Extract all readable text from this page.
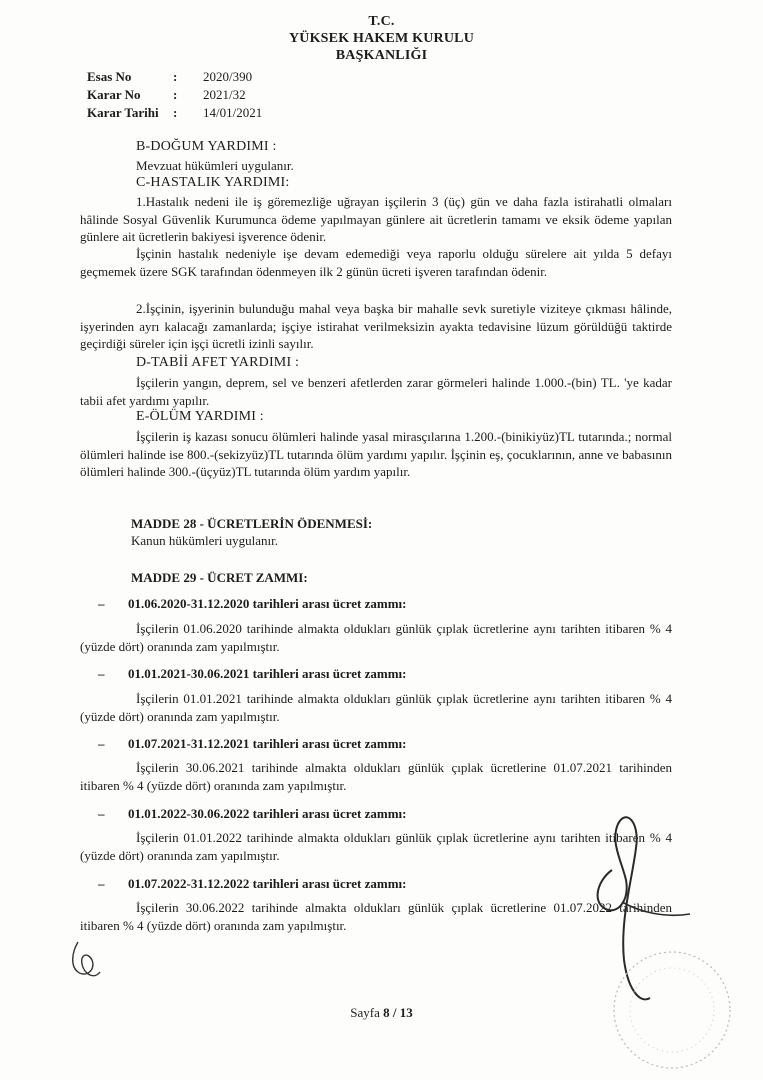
T.C.
YÜKSEK HAKEM KURULU
BAŞKANLIĞI
Esas No	: 2020/390
Karar No : 2021/32
Karar Tarihi : 14/01/2021
B-DOĞUM YARDIMI :
Mevzuat hükümleri uygulanır.
C-HASTALIK YARDIMI:
1.Hastalık nedeni ile iş göremezliğe uğrayan işçilerin 3 (üç) gün ve daha fazla istirahatli olmaları hâlinde Sosyal Güvenlik Kurumunca ödeme yapılmayan günlere ait ücretlerin tamamı ve eksik ödeme yapılan günlere ait ücretlerin bakiyesi işverence ödenir.
İşçinin hastalık nedeniyle işe devam edemediği veya raporlu olduğu sürelere ait yılda 5 defayı geçmemek üzere SGK tarafından ödenmeyen ilk 2 günün ücreti işveren tarafından ödenir.
2.İşçinin, işyerinin bulunduğu mahal veya başka bir mahalle sevk suretiyle viziteye çıkması hâlinde, işyerinden ayrı kalacağı zamanlarda; işçiye istirahat verilmeksizin ayakta tedavisine lüzum görüldüğü taktirde geçirdiği süreler için işçi ücretli izinli sayılır.
D-TABİİ AFET YARDIMI :
İşçilerin yangın, deprem, sel ve benzeri afetlerden zarar görmeleri halinde 1.000.-(bin) TL. 'ye kadar tabii afet yardımı yapılır.
E-ÖLÜM YARDIMI :
İşçilerin iş kazası sonucu ölümleri halinde yasal mirasçılarına 1.200.-(binikiyüz)TL tutarında.; normal ölümleri halinde ise 800.-(sekizyüz)TL tutarında ölüm yardımı yapılır. İşçinin eş, çocuklarının, anne ve babasının ölümleri halinde 300.-(üçyüz)TL tutarında ölüm yardım yapılır.
MADDE 28 - ÜCRETLERİN ÖDENMESİ:
Kanun hükümleri uygulanır.
MADDE 29 - ÜCRET ZAMMI:
– 01.06.2020-31.12.2020 tarihleri arası ücret zammı:
İşçilerin 01.06.2020 tarihinde almakta oldukları günlük çıplak ücretlerine aynı tarihten itibaren % 4 (yüzde dört) oranında zam yapılmıştır.
– 01.01.2021-30.06.2021 tarihleri arası ücret zammı:
İşçilerin 01.01.2021 tarihinde almakta oldukları günlük çıplak ücretlerine aynı tarihten itibaren % 4 (yüzde dört) oranında zam yapılmıştır.
– 01.07.2021-31.12.2021 tarihleri arası ücret zammı:
İşçilerin 30.06.2021 tarihinde almakta oldukları günlük çıplak ücretlerine 01.07.2021 tarihinden itibaren % 4 (yüzde dört) oranında zam yapılmıştır.
– 01.01.2022-30.06.2022 tarihleri arası ücret zammı:
İşçilerin 01.01.2022 tarihinde almakta oldukları günlük çıplak ücretlerine aynı tarihten itibaren % 4 (yüzde dört) oranında zam yapılmıştır.
– 01.07.2022-31.12.2022 tarihleri arası ücret zammı:
İşçilerin 30.06.2022 tarihinde almakta oldukları günlük çıplak ücretlerine 01.07.2022 tarihinden itibaren % 4 (yüzde dört) oranında zam yapılmıştır.
Sayfa 8 / 13
